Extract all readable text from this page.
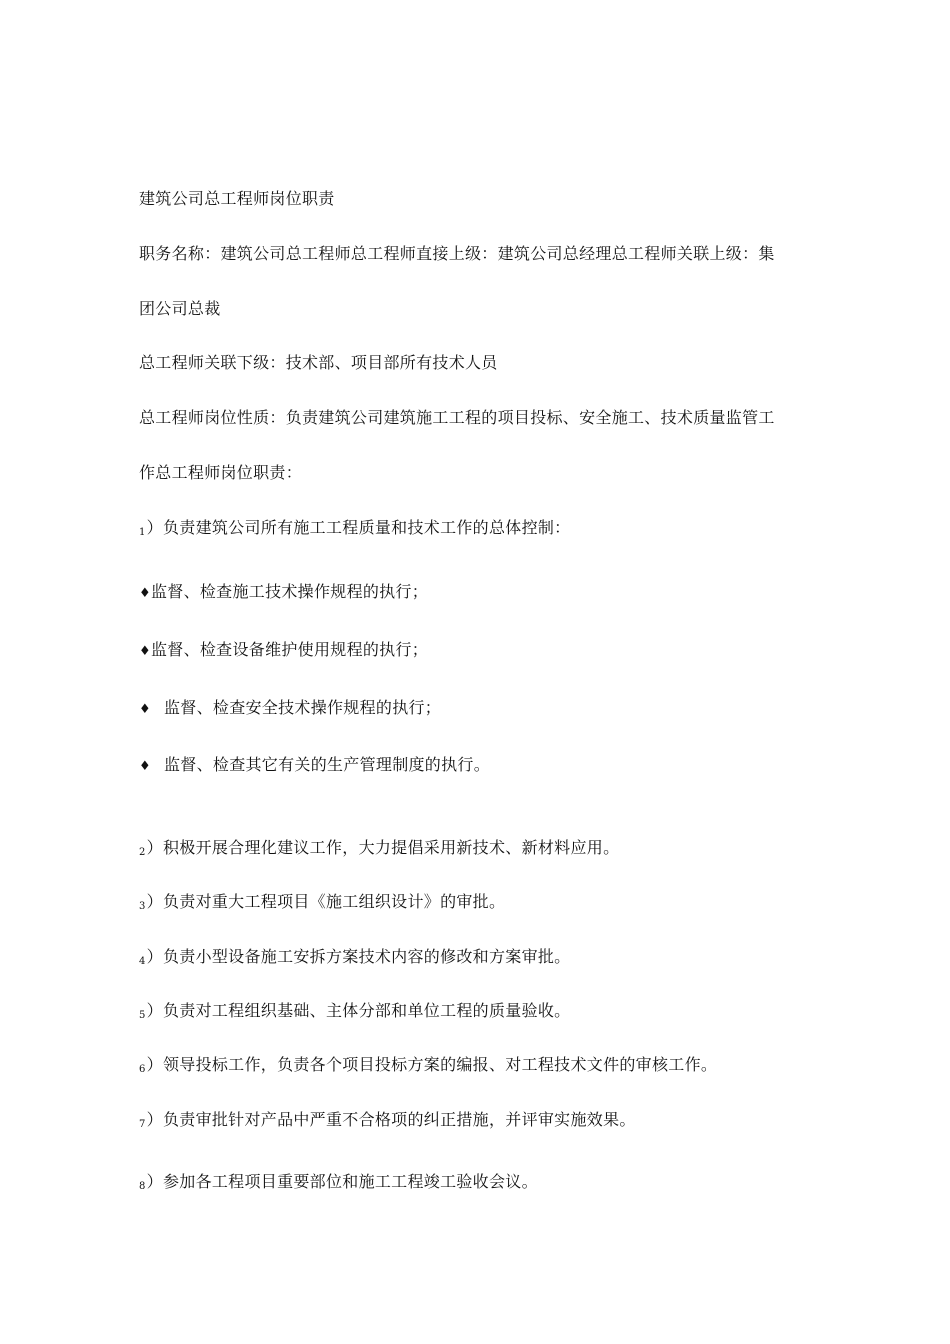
建筑公司总工程师岗位职责
职务名称：建筑公司总工程师总工程师直接上级：建筑公司总经理总工程师关联上级：集
团公司总裁
总工程师关联下级：技术部、项目部所有技术人员
总工程师岗位性质：负责建筑公司建筑施工工程的项目投标、安全施工、技术质量监管工
作总工程师岗位职责：
1）负责建筑公司所有施工工程质量和技术工作的总体控制：
♦监督、检查施工技术操作规程的执行；
♦监督、检查设备维护使用规程的执行；
♦ 监督、检查安全技术操作规程的执行；
♦ 监督、检查其它有关的生产管理制度的执行。
2）积极开展合理化建议工作，大力提倡采用新技术、新材料应用。
3）负责对重大工程项目《施工组织设计》的审批。
4）负责小型设备施工安拆方案技术内容的修改和方案审批。
5）负责对工程组织基础、主体分部和单位工程的质量验收。
6）领导投标工作，负责各个项目投标方案的编报、对工程技术文件的审核工作。
7）负责审批针对产品中严重不合格项的纠正措施，并评审实施效果。
8）参加各工程项目重要部位和施工工程竣工验收会议。
